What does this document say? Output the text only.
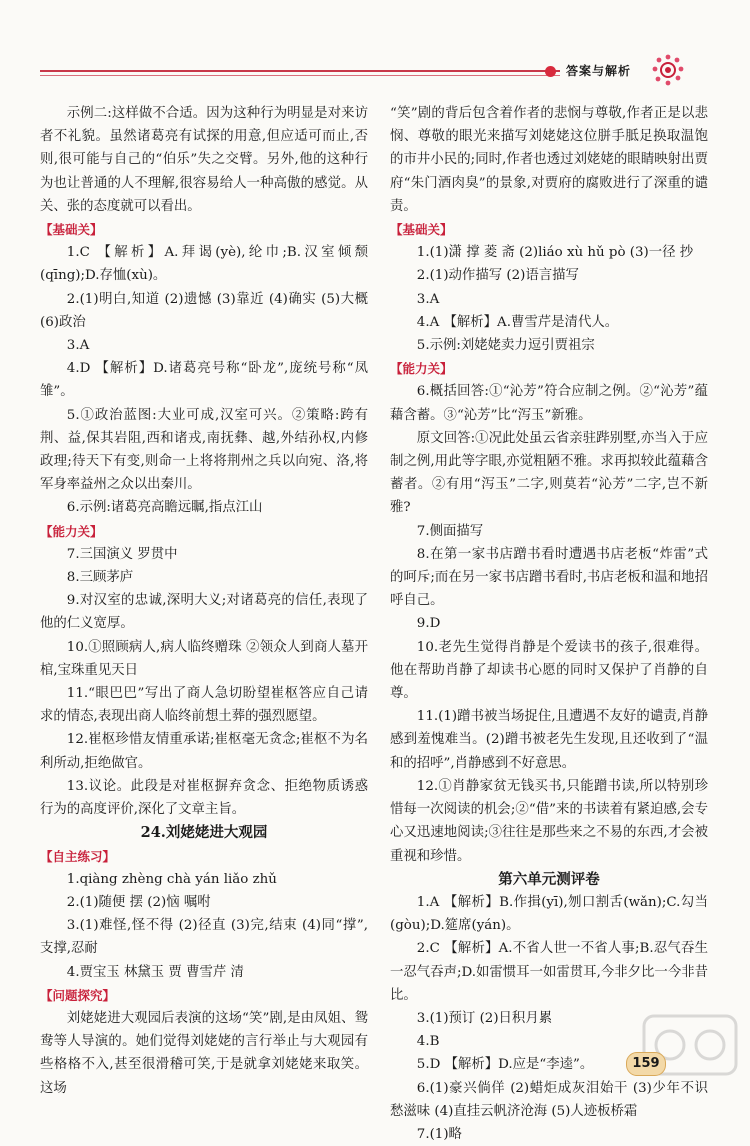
答案与解析

示例二:这样做不合适。因为这种行为明显是对来访者不礼貌。虽然诸葛亮有试探的用意,但应适可而止,否则,很可能与自己的“伯乐”失之交臂。另外,他的这种行为也让普通的人不理解,很容易给人一种高傲的感觉。从关、张的态度就可以看出。

【基础关】

1.C 【解析】A.拜谒(yè),纶巾;B.汉室倾颓(qīng);D.存恤(xù)。

2.(1)明白,知道 (2)遗憾 (3)靠近 (4)确实 (5)大概 (6)政治

3.A

4.D 【解析】D.诸葛亮号称“卧龙”,庞统号称“凤雏”。

5.①政治蓝图:大业可成,汉室可兴。②策略:跨有荆、益,保其岩阻,西和诸戎,南抚彝、越,外结孙权,内修政理;待天下有变,则命一上将将荆州之兵以向宛、洛,将军身率益州之众以出秦川。

6.示例:诸葛亮高瞻远瞩,指点江山

【能力关】

7.三国演义 罗贯中

8.三顾茅庐

9.对汉室的忠诚,深明大义;对诸葛亮的信任,表现了他的仁义宽厚。

10.①照顾病人,病人临终赠珠 ②领众人到商人墓开棺,宝珠重见天日

11.“眼巴巴”写出了商人急切盼望崔枢答应自己请求的情态,表现出商人临终前想土葬的强烈愿望。

12.崔枢珍惜友情重承诺;崔枢毫无贪念;崔枢不为名利所动,拒绝做官。

13.议论。此段是对崔枢摒弃贪念、拒绝物质诱惑行为的高度评价,深化了文章主旨。

24.刘姥姥进大观园

【自主练习】

1.qiàng zhèng chà yán liǎo zhǔ

2.(1)随便 摆 (2)恼 嘱咐

3.(1)难怪,怪不得 (2)径直 (3)完,结束 (4)同“撑”,支撑,忍耐

4.贾宝玉 林黛玉 贾 曹雪芹 清

【问题探究】

刘姥姥进大观园后表演的这场“笑”剧,是由凤姐、鸳鸯等人导演的。她们觉得刘姥姥的言行举止与大观园有些格格不入,甚至很滑稽可笑,于是就拿刘姥姥来取笑。这场

“笑”剧的背后包含着作者的悲悯与尊敬,作者正是以悲悯、尊敬的眼光来描写刘姥姥这位胼手胝足换取温饱的市井小民的;同时,作者也透过刘姥姥的眼睛映射出贾府“朱门酒肉臭”的景象,对贾府的腐败进行了深重的谴责。

【基础关】

1.(1)潇 撑 菱 斋 (2)liáo xù hǔ pò (3)一径 抄

2.(1)动作描写 (2)语言描写

3.A

4.A 【解析】A.曹雪芹是清代人。

5.示例:刘姥姥卖力逗引贾祖宗

【能力关】

6.概括回答:①“沁芳”符合应制之例。②“沁芳”蕴藉含蓄。③“沁芳”比“泻玉”新雅。

原文回答:①况此处虽云省亲驻跸别墅,亦当入于应制之例,用此等字眼,亦觉粗陋不雅。求再拟较此蕴藉含蓄者。②有用“泻玉”二字,则莫若“沁芳”二字,岂不新雅?

7.侧面描写

8.在第一家书店蹭书看时遭遇书店老板“炸雷”式的呵斥;而在另一家书店蹭书看时,书店老板和温和地招呼自己。

9.D

10.老先生觉得肖静是个爱读书的孩子,很难得。他在帮助肖静了却读书心愿的同时又保护了肖静的自尊。

11.(1)蹭书被当场捉住,且遭遇不友好的谴责,肖静感到羞愧难当。(2)蹭书被老先生发现,且还收到了“温和的招呼”,肖静感到不好意思。

12.①肖静家贫无钱买书,只能蹭书读,所以特别珍惜每一次阅读的机会;②“借”来的书读着有紧迫感,会专心又迅速地阅读;③往往是那些来之不易的东西,才会被重视和珍惜。

第六单元测评卷

1.A 【解析】B.作揖(yī),刎口割舌(wǎn);C.勾当(gòu);D.筵席(yán)。

2.C 【解析】A.不省人世一不省人事;B.忍气吞生一忍气吞声;D.如雷惯耳一如雷贯耳,今非夕比一今非昔比。

3.(1)预订 (2)日积月累

4.B

5.D 【解析】D.应是“李逵”。

6.(1)豪兴倘佯 (2)蜡炬成灰泪始干 (3)少年不识愁滋味 (4)直挂云帆济沧海 (5)人迹板桥霜

7.(1)略

159
